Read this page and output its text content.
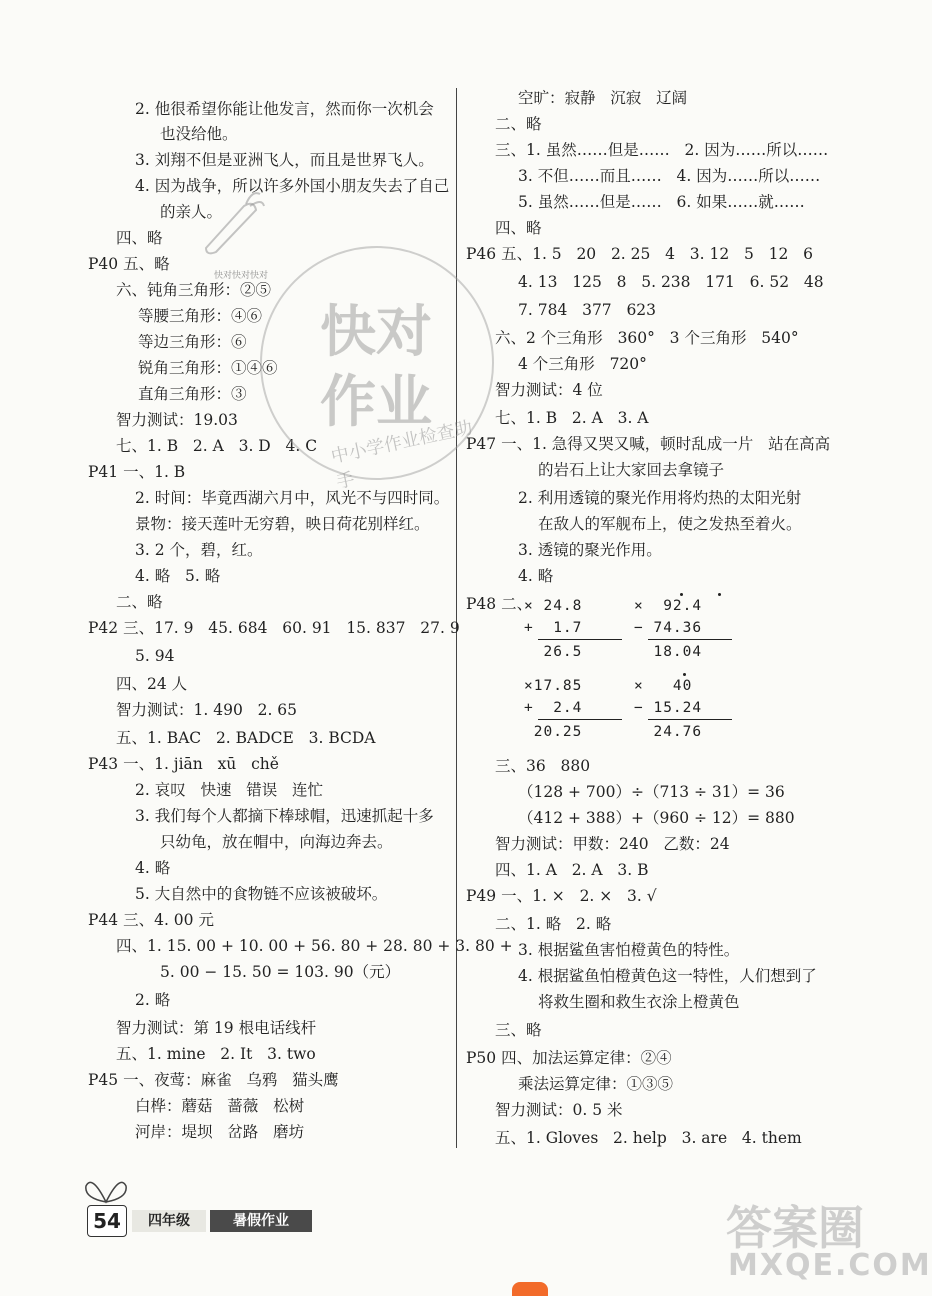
2. 他很希望你能让他发言，然而你一次机会
也没给他。
3. 刘翔不但是亚洲飞人，而且是世界飞人。
4. 因为战争，所以许多外国小朋友失去了自己
的亲人。
四、略
P40 五、略
六、钝角三角形：②⑤
等腰三角形：④⑥
等边三角形：⑥
锐角三角形：①④⑥
直角三角形：③
智力测试：19.03
七、1. B   2. A   3. D   4. C
P41 一、1. B
2. 时间：毕竟西湖六月中，风光不与四时同。
景物：接天莲叶无穷碧，映日荷花别样红。
3. 2 个，碧，红。
4. 略   5. 略
二、略
P42 三、17. 9   45. 684   60. 91   15. 837   27. 9
5. 94
四、24 人
智力测试：1. 490   2. 65
五、1. BAC   2. BADCE   3. BCDA
P43 一、1. jiān   xū   chě
2. 哀叹   快速   错误   连忙
3. 我们每个人都摘下棒球帽，迅速抓起十多
只幼龟，放在帽中，向海边奔去。
4. 略
5. 大自然中的食物链不应该被破坏。
P44 三、4. 00 元
四、1. 15. 00 + 10. 00 + 56. 80 + 28. 80 + 3. 80 +
5. 00 − 15. 50 = 103. 90（元）
2. 略
智力测试：第 19 根电话线杆
五、1. mine   2. It   3. two
P45 一、夜莺：麻雀   乌鸦   猫头鹰
白桦：蘑菇   蔷薇   松树
河岸：堤坝   岔路   磨坊
空旷：寂静   沉寂   辽阔
二、略
三、1. 虽然……但是……   2. 因为……所以……
3. 不但……而且……   4. 因为……所以……
5. 虽然……但是……   6. 如果……就……
四、略
P46 五、1. 5   20   2. 25   4   3. 12   5   12   6
4. 13   125   8   5. 238   171   6. 52   48
7. 784   377   623
六、2 个三角形   360°   3 个三角形   540°
4 个三角形   720°
智力测试：4 位
七、1. B   2. A   3. A
P47 一、1. 急得又哭又喊，顿时乱成一片   站在高高
的岩石上让大家回去拿镜子
2. 利用透镜的聚光作用将灼热的太阳光射
在敌人的军舰布上，使之发热至着火。
3. 透镜的聚光作用。
4. 略
P48 二、
三、36   880
（128 + 700）÷（713 ÷ 31）= 36
（412 + 388）+（960 ÷ 12）= 880
智力测试：甲数：240   乙数：24
四、1. A   2. A   3. B
P49 一、1. ×   2. ×   3. √
二、1. 略   2. 略
3. 根据鲨鱼害怕橙黄色的特性。
4. 根据鲨鱼怕橙黄色这一特性，人们想到了
将救生圈和救生衣涂上橙黄色
三、略
P50 四、加法运算定律：②④
乘法运算定律：①③⑤
智力测试：0. 5 米
五、1. Gloves   2. help   3. are   4. them
× 24.8
+  1.7
26.5
×  92.4
− 74.36
18.04
×17.85
+  2.4
20.25
×   40
− 15.24
24.76
快对快对快对
快对
作业
中小学作业检查助手
54	四年级	暑假作业	答案圈
MXQE.COM
